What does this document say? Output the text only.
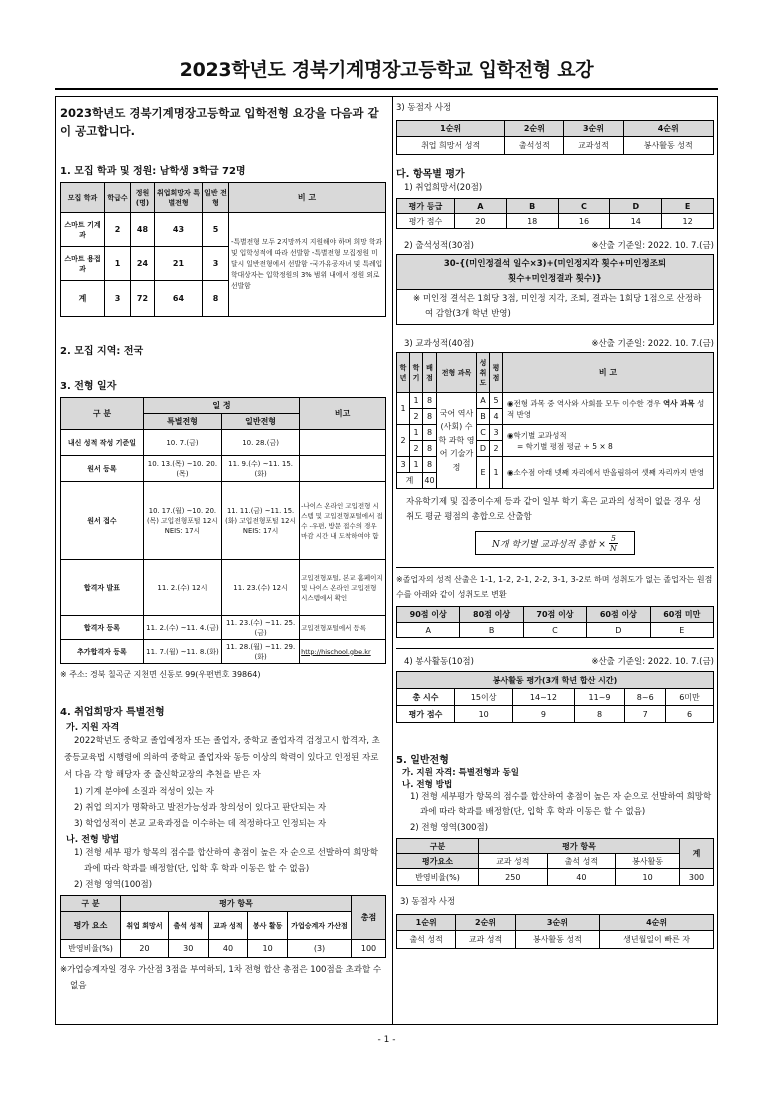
2023학년도 경북기계명장고등학교 입학전형 요강
2023학년도 경북기계명장고등학교 입학전형 요강을 다음과 같이 공고합니다.
1. 모집 학과 및 정원: 남학생 3학급 72명
모집 학과	학급수	정원 (명)	취업희망자 특별전형	일반 전형	비 고
스마트 기계과	2	48	43	5	-특별전형 모두 2지망까지 지원해야 하며 희망 학과 및 입학성적에 따라 선발함 -특별전형 모집정원 미달시 일반전형에서 선발함 -국가유공자녀 및 특례입학대상자는 입학정원의 3% 범위 내에서 정원 외로 선발함
스마트 용접과	1	24	21	3	
계	3	72	64	8	
2. 모집 지역: 전국
3. 전형 일자
구 분	일 정		비고
	특별전형	일반전형	
내신 성적 작성 기준일	10. 7.(금)	10. 28.(금)	
원서 등록	10. 13.(목) ~10. 20.(목)	11. 9.(수) ~11. 15.(화)	
원서 접수	10. 17.(월) ~10. 20.(목) 고입전형포털 12시 NEIS: 17시	11. 11.(금) ~11. 15.(화) 고입전형포털 12시 NEIS: 17시	-나이스 온라인 고입전형 시스템 및 고입전형포털에서 접수 -우편, 방문 접수의 경우 마감 시간 내 도착하여야 함
합격자 발표	11. 2.(수) 12시	11. 23.(수) 12시	고입전형포털, 본교 홈페이지 및 나이스 온라인 고입전형 시스템에서 확인
합격자 등록	11. 2.(수) ~11. 4.(금)	11. 23.(수) ~11. 25.(금)	고입전형포털에서 등록
추가합격자 등록	11. 7.(월) ~11. 8.(화)	11. 28.(월) ~11. 29.(화)	http://hischool.gbe.kr
※ 주소: 경북 칠곡군 지천면 신동로 99(우편번호 39864)
4. 취업희망자 특별전형
가. 지원 자격
2022학년도 중학교 졸업예정자 또는 졸업자, 중학교 졸업자격 검정고시 합격자, 초중등교육법 시행령에 의하여 중학교 졸업자와 동등 이상의 학력이 있다고 인정된 자로서 다음 각 항 해당자 중 출신학교장의 추천을 받은 자
1) 기계 분야에 소질과 적성이 있는 자
2) 취업 의지가 명확하고 발전가능성과 창의성이 있다고 판단되는 자
3) 학업성적이 본교 교육과정을 이수하는 데 적정하다고 인정되는 자
나. 전형 방법
1) 전형 세부 평가 항목의 점수를 합산하여 총점이 높은 자 순으로 선발하여 희망학과에 따라 학과를 배정함(단, 입학 후 학과 이동은 할 수 없음)
2) 전형 영역(100점)
구 분	평가 항목					총점
평가 요소	취업 희망서	출석 성적	교과 성적	봉사 활동	가업승계자 가산점	
반영비율(%)	20	30	40	10	(3)	100
※가업승계자일 경우 가산점 3점을 부여하되, 1차 전형 합산 총점은 100점을 초과할 수 없음
3) 동점자 사정
1순위	2순위	3순위	4순위
취업 희망서 성적	출석성적	교과성적	봉사활동 성적
다. 항목별 평가
1) 취업희망서(20점)
평가 등급	A	B	C	D	E
평가 점수	20	18	16	14	12
2) 출석성적(30점)	※산출 기준일: 2022. 10. 7.(금)
30-{(미인정결석 일수×3)+(미인정지각 횟수+미인정조퇴
횟수+미인정결과 횟수)}
※ 미인정 결석은 1회당 3점, 미인정 지각, 조퇴, 결과는 1회당 1점으로 산정하여 감함(3개 학년 반영)
3) 교과성적(40점)	※산출 기준일: 2022. 10. 7.(금)
학년	학기	배점	전형 과목	성취도	평점	비 고
1	1	8	국어 역사 (사회) 수학 과학 영어 기술가정	A	5	◉전형 과목 중 역사와 사회를 모두 이수한 경우 역사 과목 성적 반영
	2	8		B	4	
2	1	8		C	3	◉학기별 교과성적
= 학기별 평점 평균 ÷ 5 × 8

	2	8		D	2	
3	1	8		E	1	◉소수점 아래 넷째 자리에서 반올림하여 셋째 자리까지 반영
계		40				
자유학기제 및 집중이수제 등과 같이 일부 학기 혹은 교과의 성적이 없을 경우 성취도 평균 평점의 총합으로 산출함
N개 학기별 교과성적 총합 × $\frac{5}{N}$
※졸업자의 성적 산출은 1-1, 1-2, 2-1, 2-2, 3-1, 3-2로 하며 성취도가 없는 졸업자는 원점수를 아래와 같이 성취도로 변환
90점 이상	80점 이상	70점 이상	60점 이상	60점 미만
A	B	C	D	E
4) 봉사활동(10점)	※산출 기준일: 2022. 10. 7.(금)
봉사활동 평가(3개 학년 합산 시간)					
총 시수	15이상	14~12	11~9	8~6	6미만
평가 점수	10	9	8	7	6
5. 일반전형
가. 지원 자격: 특별전형과 동일
나. 전형 방법
1) 전형 세부평가 항목의 점수를 합산하여 총점이 높은 자 순으로 선발하여 희망학과에 따라 학과를 배정함(단, 입학 후 학과 이동은 할 수 없음)
2) 전형 영역(300점)
구분	평가 항목			계
평가요소	교과 성적	출석 성적	봉사활동	
반영비율(%)	250	40	10	300
3) 동점자 사정
1순위	2순위	3순위	4순위
출석 성적	교과 성적	봉사활동 성적	생년월일이 빠른 자
- 1 -
